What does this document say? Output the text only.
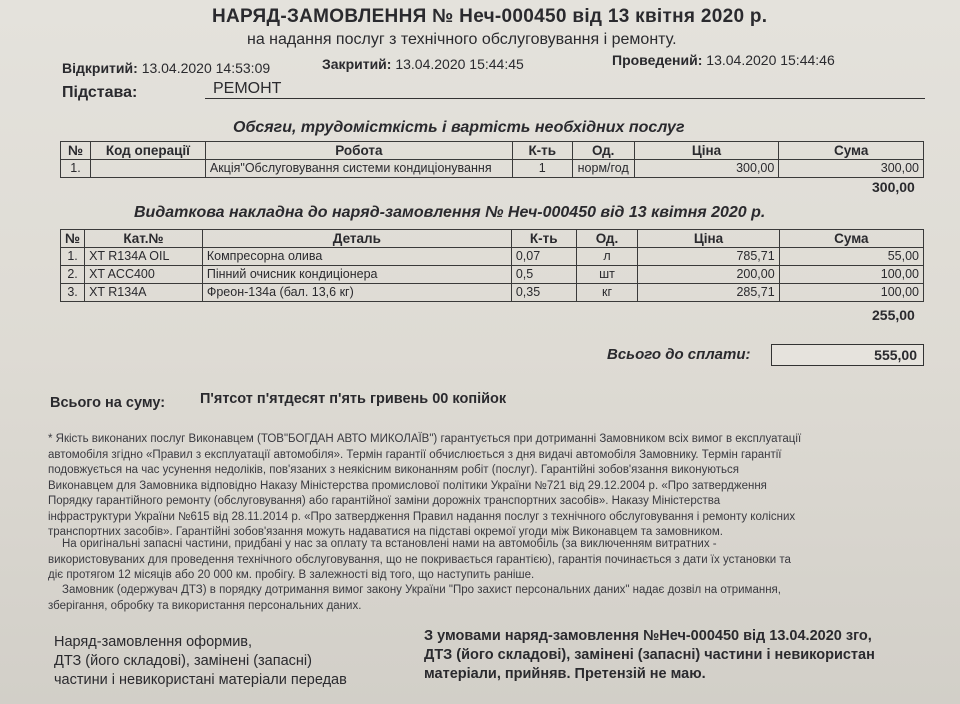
НАРЯД-ЗАМОВЛЕННЯ № Неч-000450 від 13 квітня 2020 р.
на надання послуг з технічного обслуговування і ремонту.
Відкритий: 13.04.2020 14:53:09	Закритий: 13.04.2020 15:44:45	Проведений: 13.04.2020 15:44:46
Підстава:	РЕМОНТ
Обсяги, трудомісткість і вартість необхідних послуг
№	Код операції	Робота	К-ть	Од.	Ціна	Сума
1.		Акція"Обслуговування системи кондиціонування	1	норм/год	300,00	300,00
300,00
Видаткова накладна до наряд-замовлення № Неч-000450 від 13 квітня 2020 р.
№	Кат.№	Деталь	К-ть	Од.	Ціна	Сума
1.	XT R134A OIL	Компресорна олива	0,07	л	785,71	55,00
2.	XT ACC400	Пінний очисник кондиціонера	0,5	шт	200,00	100,00
3.	XT R134A	Фреон-134а (бал. 13,6 кг)	0,35	кг	285,71	100,00
255,00
Всього до сплати:	555,00
Всього на суму: П'ятсот п'ятдесят п'ять гривень 00 копійок
* Якість виконаних послуг Виконавцем (ТОВ"БОГДАН АВТО МИКОЛАЇВ") гарантується при дотриманні Замовником всіх вимог в експлуатації
автомобіля згідно «Правил з експлуатації автомобіля». Термін гарантії обчислюється з дня видачі автомобіля Замовнику. Термін гарантії
подовжується на час усунення недоліків, пов'язаних з неякісним виконанням робіт (послуг). Гарантійні зобов'язання виконуються
Виконавцем для Замовника відповідно Наказу Міністерства промислової політики України №721 від 29.12.2004 р. «Про затвердження
Порядку гарантійного ремонту (обслуговування) або гарантійної заміни дорожніх транспортних засобів». Наказу Міністерства
інфраструктури України №615 від 28.11.2014 р. «Про затвердження Правил надання послуг з технічного обслуговування і ремонту колісних
транспортних засобів». Гарантійні зобов'язання можуть надаватися на підставі окремої угоди між Виконавцем та замовником.
На оригінальні запасні частини, придбані у нас за оплату та встановлені нами на автомобіль (за виключенням витратних -
використовуваних для проведення технічного обслуговування, що не покривається гарантією), гарантія починається з дати їх установки та
діє протягом 12 місяців або 20 000 км. пробігу. В залежності від того, що наступить раніше.
Замовник (одержувач ДТЗ) в порядку дотримання вимог закону України "Про захист персональних даних" надає дозвіл на отримання,
зберігання, обробку та використання персональних даних.
Наряд-замовлення оформив,
ДТЗ (його складові), замінені (запасні)
частини і невикористані матеріали передав
З умовами наряд-замовлення №Неч-000450 від 13.04.2020 зго,
ДТЗ (його складові), замінені (запасні) частини і невикористан
матеріали, прийняв. Претензій не маю.
